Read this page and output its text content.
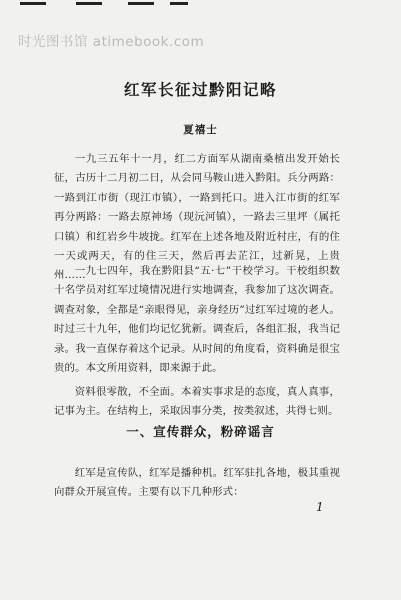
时光图书馆 atimebook.com
红军长征过黔阳记略
夏禧士

一九三五年十一月，红二方面军从湖南桑植出发开始长征，古历十二月初二日，从会同马鞍山进入黔阳。兵分两路：一路到江市街（现江市镇），一路到托口。进入江市街的红军再分两路：一路去原神场（现沅河镇），一路去三里坪（属托口镇）和红岩乡牛坡拢。红军在上述各地及附近村庄，有的住一天或两天，有的住三天，然后再去芷江，过新晃，上贵州……

一九七四年，我在黔阳县“五·七”干校学习。干校组织数十名学员对红军过境情况进行实地调查，我参加了这次调查。调查对象，全都是“亲眼得见，亲身经历”过红军过境的老人。时过三十九年，他们均记忆犹新。调查后，各组汇报，我当记录。我一直保存着这个记录。从时间的角度看，资料确是很宝贵的。本文所用资料，即来源于此。

资料很零散，不全面。本着实事求是的态度，真人真事，记事为主。在结构上，采取因事分类，按类叙述，共得七则。

一、宣传群众，粉碎谣言

红军是宣传队，红军是播种机。红军驻扎各地，极其重视向群众开展宣传。主要有以下几种形式：

1
